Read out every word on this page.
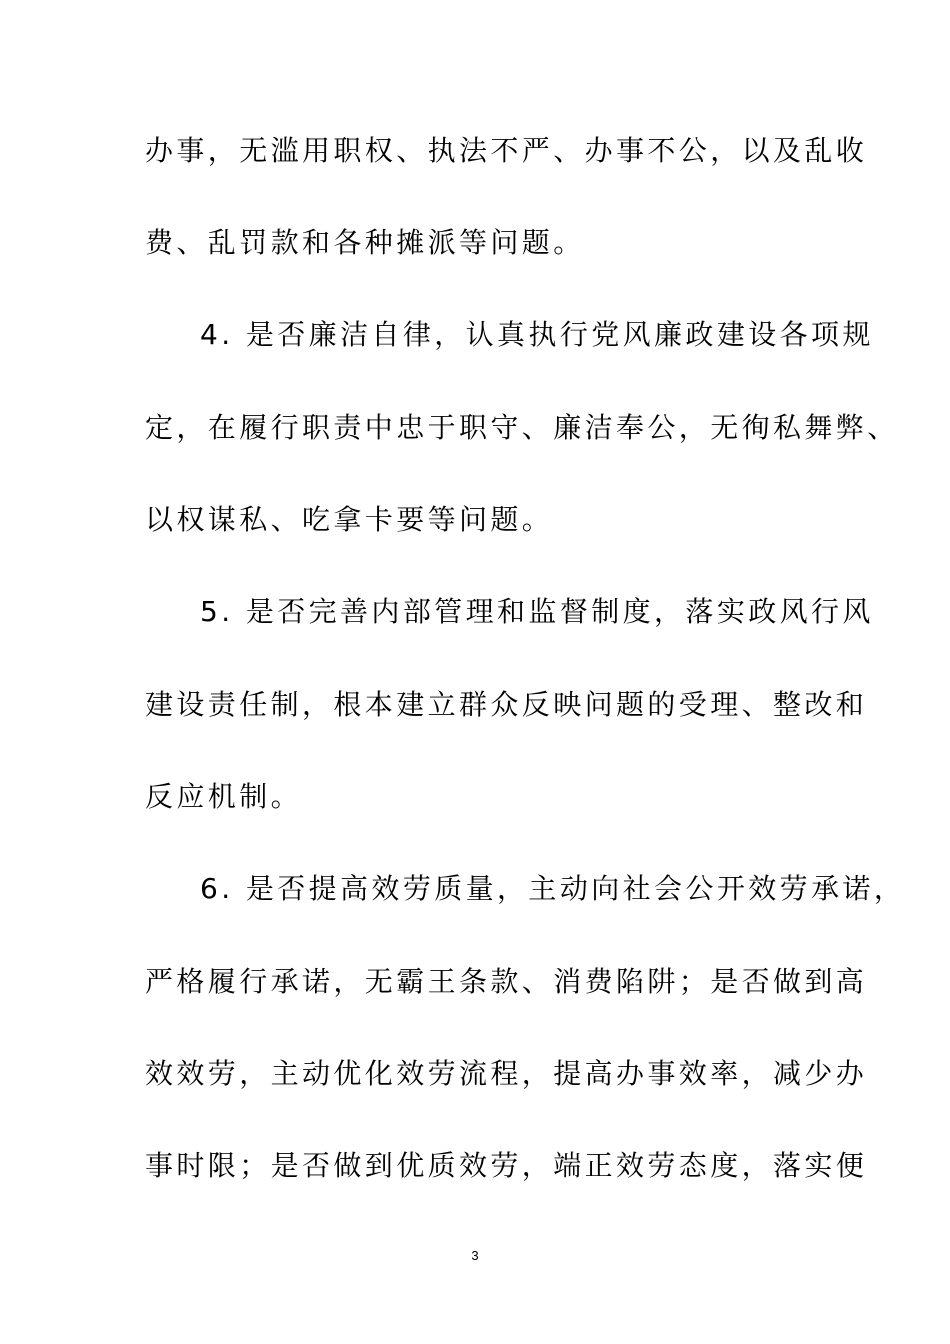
办事，无滥用职权、执法不严、办事不公，以及乱收
费、乱罚款和各种摊派等问题。
4. 是否廉洁自律，认真执行党风廉政建设各项规
定，在履行职责中忠于职守、廉洁奉公，无徇私舞弊、
以权谋私、吃拿卡要等问题。
5. 是否完善内部管理和监督制度，落实政风行风
建设责任制，根本建立群众反映问题的受理、整改和
反应机制。
6. 是否提高效劳质量，主动向社会公开效劳承诺，
严格履行承诺，无霸王条款、消费陷阱；是否做到高
效效劳，主动优化效劳流程，提高办事效率，减少办
事时限；是否做到优质效劳，端正效劳态度，落实便
3
